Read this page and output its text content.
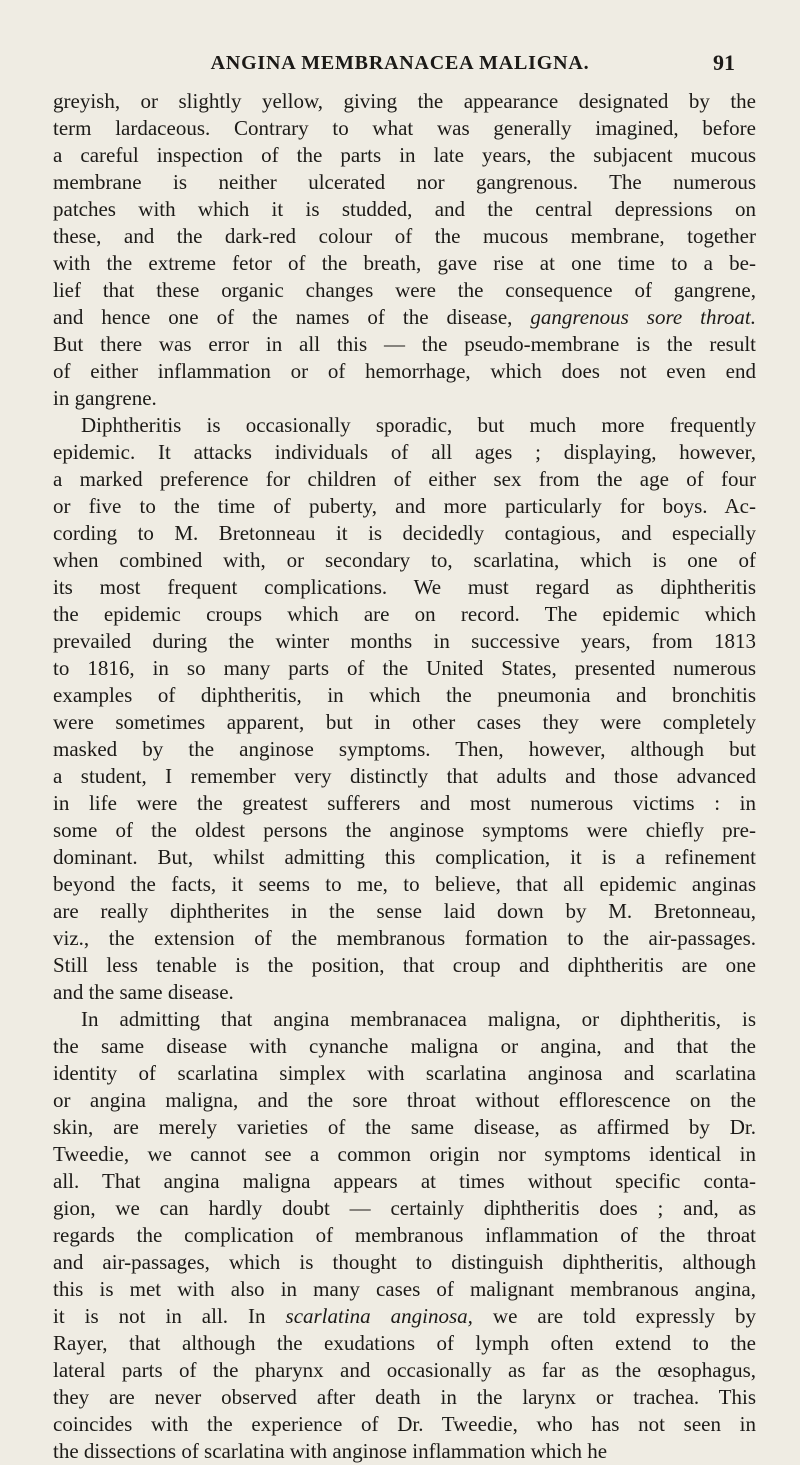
ANGINA MEMBRANACEA MALIGNA.	91
greyish, or slightly yellow, giving the appearance designated by the
term lardaceous. Contrary to what was generally imagined, before
a careful inspection of the parts in late years, the subjacent mucous
membrane is neither ulcerated nor gangrenous. The numerous
patches with which it is studded, and the central depressions on
these, and the dark-red colour of the mucous membrane, together
with the extreme fetor of the breath, gave rise at one time to a be-
lief that these organic changes were the consequence of gangrene,
and hence one of the names of the disease, gangrenous sore throat.
But there was error in all this — the pseudo-membrane is the result
of either inflammation or of hemorrhage, which does not even end
in gangrene.
Diphtheritis is occasionally sporadic, but much more frequently
epidemic. It attacks individuals of all ages ; displaying, however,
a marked preference for children of either sex from the age of four
or five to the time of puberty, and more particularly for boys. Ac-
cording to M. Bretonneau it is decidedly contagious, and especially
when combined with, or secondary to, scarlatina, which is one of
its most frequent complications. We must regard as diphtheritis
the epidemic croups which are on record. The epidemic which
prevailed during the winter months in successive years, from 1813
to 1816, in so many parts of the United States, presented numerous
examples of diphtheritis, in which the pneumonia and bronchitis
were sometimes apparent, but in other cases they were completely
masked by the anginose symptoms. Then, however, although but
a student, I remember very distinctly that adults and those advanced
in life were the greatest sufferers and most numerous victims : in
some of the oldest persons the anginose symptoms were chiefly pre-
dominant. But, whilst admitting this complication, it is a refinement
beyond the facts, it seems to me, to believe, that all epidemic anginas
are really diphtherites in the sense laid down by M. Bretonneau,
viz., the extension of the membranous formation to the air-passages.
Still less tenable is the position, that croup and diphtheritis are one
and the same disease.
In admitting that angina membranacea maligna, or diphtheritis, is
the same disease with cynanche maligna or angina, and that the
identity of scarlatina simplex with scarlatina anginosa and scarlatina
or angina maligna, and the sore throat without efflorescence on the
skin, are merely varieties of the same disease, as affirmed by Dr.
Tweedie, we cannot see a common origin nor symptoms identical in
all. That angina maligna appears at times without specific conta-
gion, we can hardly doubt — certainly diphtheritis does ; and, as
regards the complication of membranous inflammation of the throat
and air-passages, which is thought to distinguish diphtheritis, although
this is met with also in many cases of malignant membranous angina,
it is not in all. In scarlatina anginosa, we are told expressly by
Rayer, that although the exudations of lymph often extend to the
lateral parts of the pharynx and occasionally as far as the œsophagus,
they are never observed after death in the larynx or trachea. This
coincides with the experience of Dr. Tweedie, who has not seen in
the dissections of scarlatina with anginose inflammation which he
